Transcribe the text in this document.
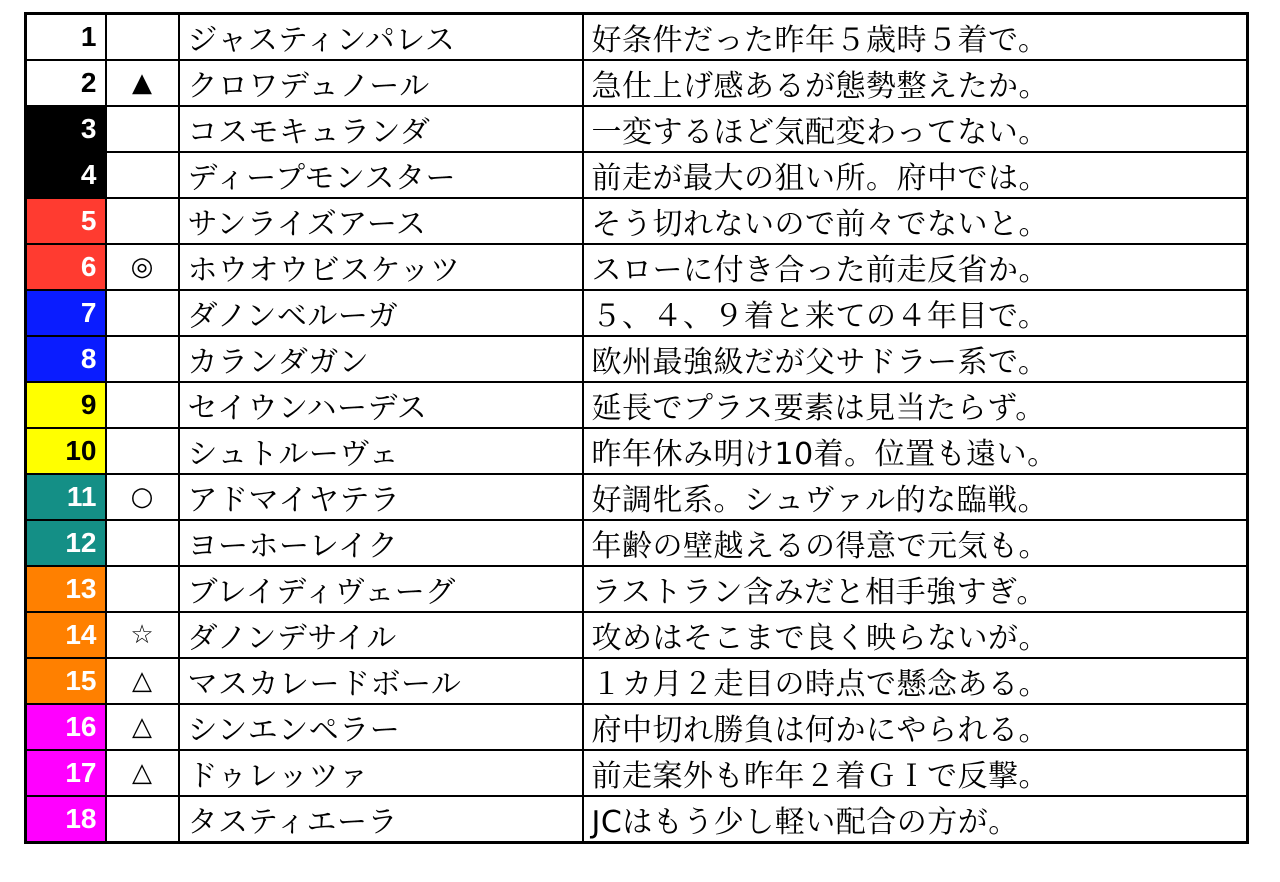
1		ジャスティンパレス	好条件だった昨年５歳時５着で。
2	▲	クロワデュノール	急仕上げ感あるが態勢整えたか。
3		コスモキュランダ	一変するほど気配変わってない。
4		ディープモンスター	前走が最大の狙い所。府中では。
5		サンライズアース	そう切れないので前々でないと。
6	◎	ホウオウビスケッツ	スローに付き合った前走反省か。
7		ダノンベルーガ	５、４、９着と来ての４年目で。
8		カランダガン	欧州最強級だが父サドラー系で。
9		セイウンハーデス	延長でプラス要素は見当たらず。
10		シュトルーヴェ	昨年休み明け10着。位置も遠い。
11	○	アドマイヤテラ	好調牝系。シュヴァル的な臨戦。
12		ヨーホーレイク	年齢の壁越えるの得意で元気も。
13		ブレイディヴェーグ	ラストラン含みだと相手強すぎ。
14	☆	ダノンデサイル	攻めはそこまで良く映らないが。
15	△	マスカレードボール	１カ月２走目の時点で懸念ある。
16	△	シンエンペラー	府中切れ勝負は何かにやられる。
17	△	ドゥレッツァ	前走案外も昨年２着ＧＩで反撃。
18		タスティエーラ	JCはもう少し軽い配合の方が。
